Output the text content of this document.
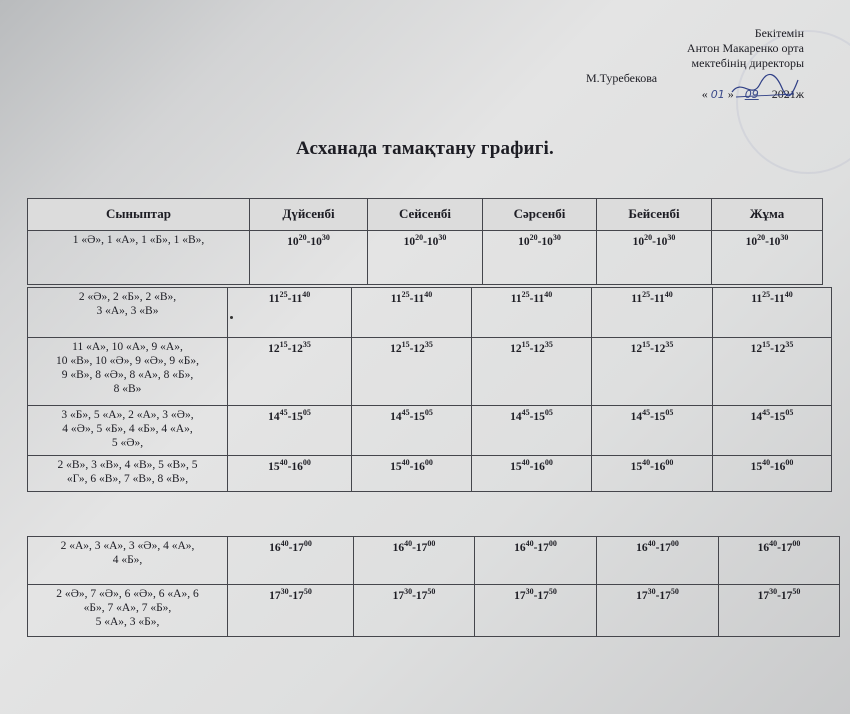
Бекітемін
Антон Макаренко орта
мектебінің директоры
М.Туребекова
« 01 » 09 2021ж
Асханада тамақтану графигі.
Сыныптар	Дүйсенбі	Сейсенбі	Сәрсенбі	Бейсенбі	Жұма

1 «Ә», 1 «А», 1 «Б», 1 «В»,	$10^{20}-10^{30}$	$10^{20}-10^{30}$	$10^{20}-10^{30}$	$10^{20}-10^{30}$	$10^{20}-10^{30}$
2 «Ә», 2 «Б», 2 «В»,
3 «А», 3 «В»	$11^{25}-11^{40}$	$11^{25}-11^{40}$	$11^{25}-11^{40}$	$11^{25}-11^{40}$	$11^{25}-11^{40}$

11 «А», 10 «А», 9 «А»,
10 «В», 10 «Ә», 9 «Ә», 9 «Б»,
9 «В», 8 «Ә», 8 «А», 8 «Б»,
8 «В»	$12^{15}-12^{35}$	$12^{15}-12^{35}$	$12^{15}-12^{35}$	$12^{15}-12^{35}$	$12^{15}-12^{35}$

3 «Б», 5 «А», 2 «А», 3 «Ә»,
4 «Ә», 5 «Б», 4 «Б», 4 «А»,
5 «Ә»,	$14^{45}-15^{05}$	$14^{45}-15^{05}$	$14^{45}-15^{05}$	$14^{45}-15^{05}$	$14^{45}-15^{05}$

2 «В», 3 «В», 4 «В», 5 «В», 5
«Г», 6 «В», 7 «В», 8 «В»,	$15^{40}-16^{00}$	$15^{40}-16^{00}$	$15^{40}-16^{00}$	$15^{40}-16^{00}$	$15^{40}-16^{00}$
2 «А», 3 «А», 3 «Ә», 4 «А»,
4 «Б»,	$16^{40}-17^{00}$	$16^{40}-17^{00}$	$16^{40}-17^{00}$	$16^{40}-17^{00}$	$16^{40}-17^{00}$

2 «Ә», 7 «Ә», 6 «Ә», 6 «А», 6
«Б», 7 «А», 7 «Б»,
5 «А», 3 «Б»,	$17^{30}-17^{50}$	$17^{30}-17^{50}$	$17^{30}-17^{50}$	$17^{30}-17^{50}$	$17^{30}-17^{50}$
